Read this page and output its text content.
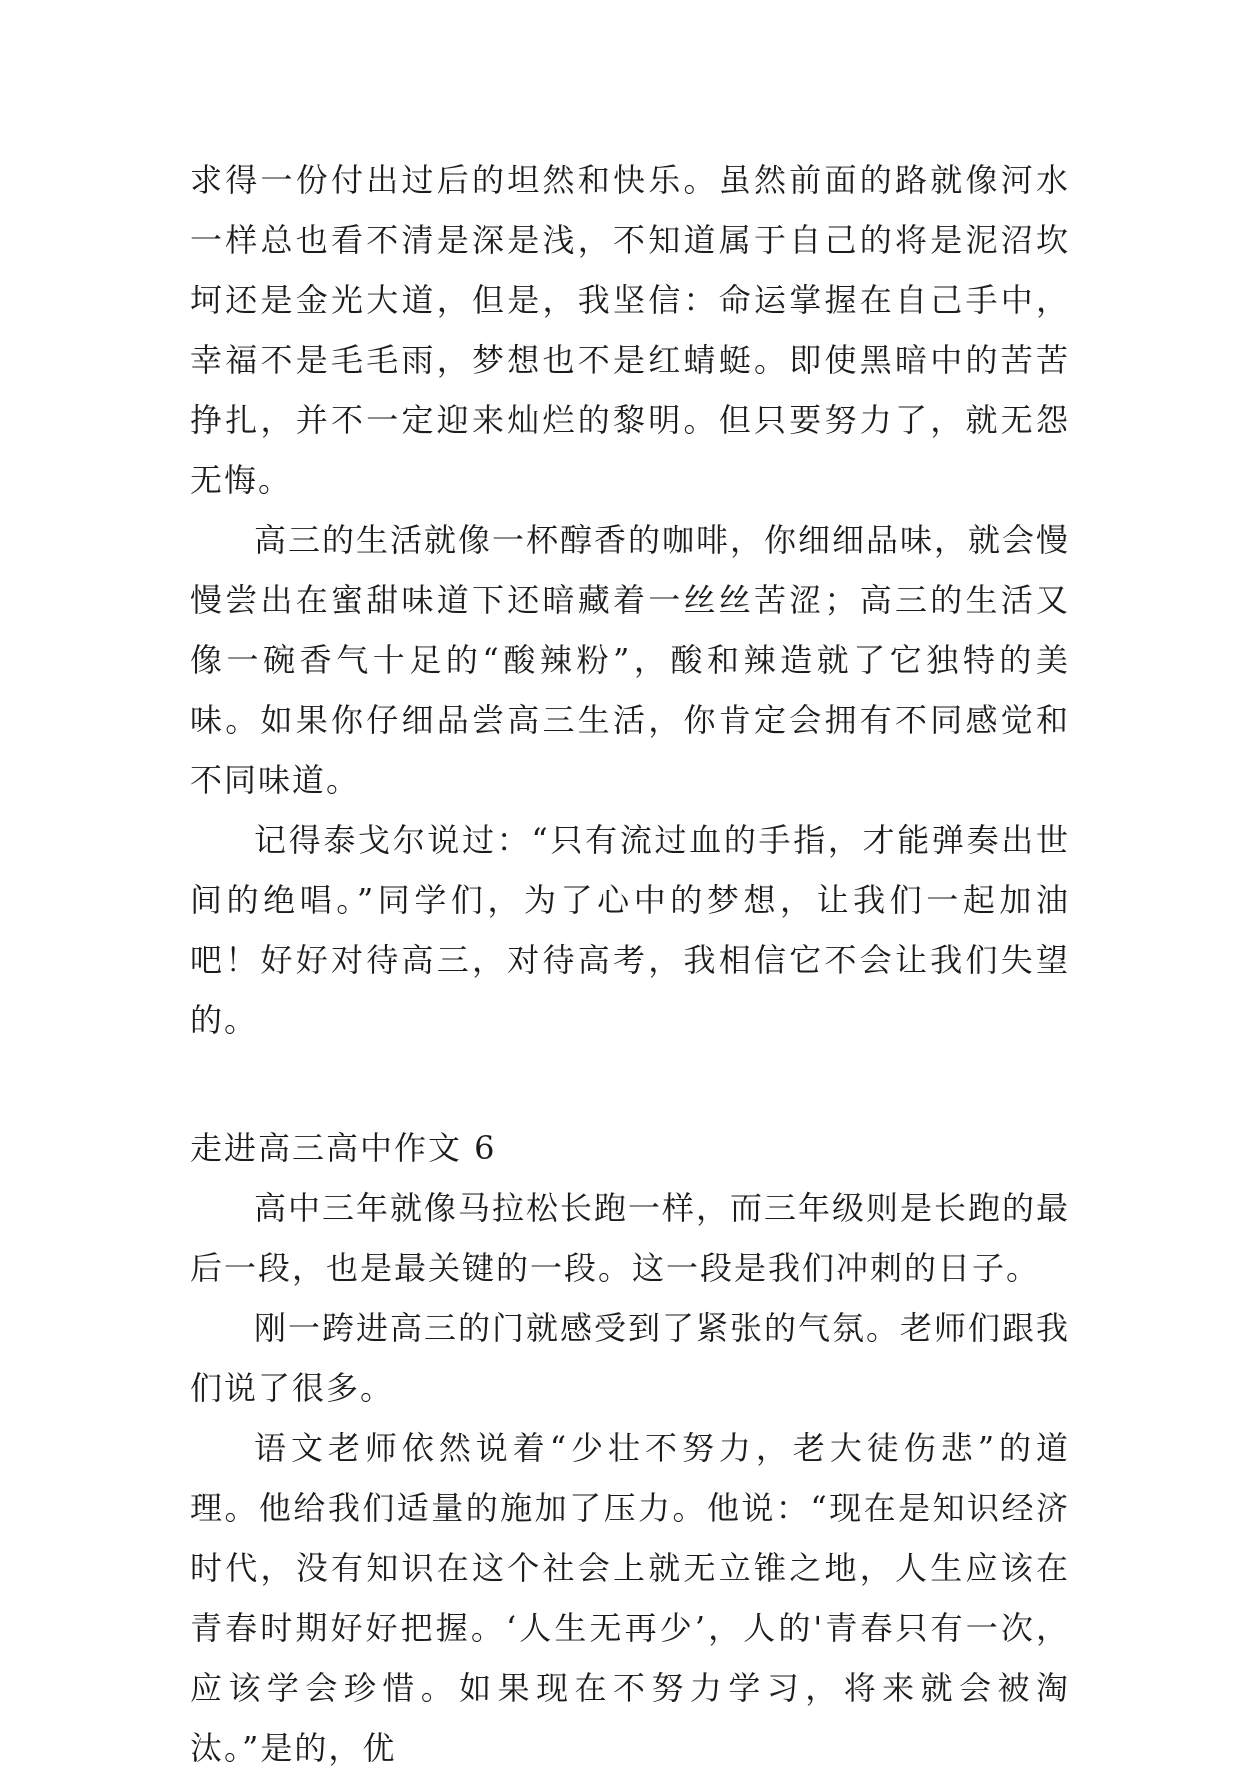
求得一份付出过后的坦然和快乐。虽然前面的路就像河水一样总也看不清是深是浅，不知道属于自己的将是泥沼坎坷还是金光大道，但是，我坚信：命运掌握在自己手中，幸福不是毛毛雨，梦想也不是红蜻蜓。即使黑暗中的苦苦挣扎，并不一定迎来灿烂的黎明。但只要努力了，就无怨无悔。

高三的生活就像一杯醇香的咖啡，你细细品味，就会慢慢尝出在蜜甜味道下还暗藏着一丝丝苦涩；高三的生活又像一碗香气十足的“酸辣粉”，酸和辣造就了它独特的美味。如果你仔细品尝高三生活，你肯定会拥有不同感觉和不同味道。

记得泰戈尔说过：“只有流过血的手指，才能弹奏出世间的绝唱。”同学们，为了心中的梦想，让我们一起加油吧！好好对待高三，对待高考，我相信它不会让我们失望的。

走进高三高中作文 6

高中三年就像马拉松长跑一样，而三年级则是长跑的最后一段，也是最关键的一段。这一段是我们冲刺的日子。

刚一跨进高三的门就感受到了紧张的气氛。老师们跟我们说了很多。

语文老师依然说着“少壮不努力，老大徒伤悲”的道理。他给我们适量的施加了压力。他说：“现在是知识经济时代，没有知识在这个社会上就无立锥之地，人生应该在青春时期好好把握。‘人生无再少’，人的'青春只有一次，应该学会珍惜。如果现在不努力学习，将来就会被淘汰。”是的，优
